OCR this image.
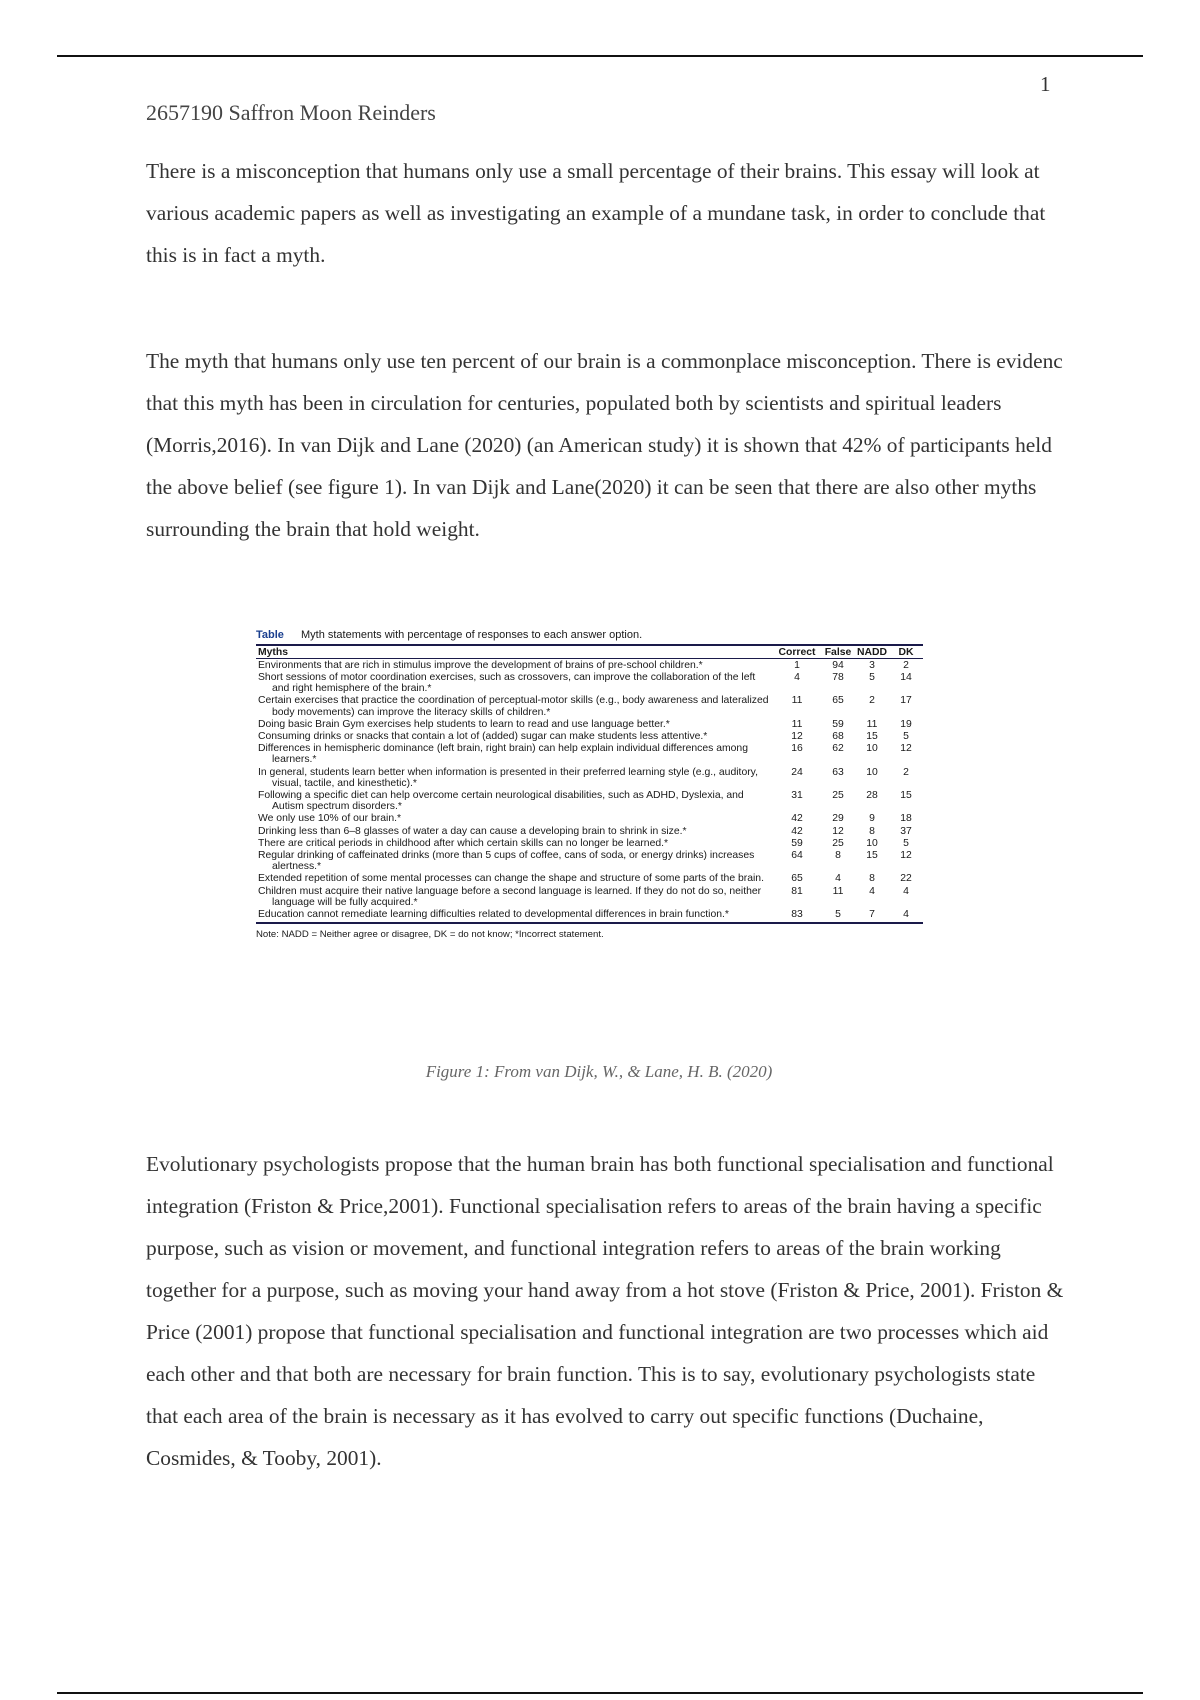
1
2657190 Saffron Moon Reinders

There is a misconception that humans only use a small percentage of their brains. This essay will look at various academic papers as well as investigating an example of a mundane task, in order to conclude that this is in fact a myth.

The myth that humans only use ten percent of our brain is a commonplace misconception. There is evidenc that this myth has been in circulation for centuries, populated both by scientists and spiritual leaders (Morris,2016). In van Dijk and Lane (2020) (an American study) it is shown that 42% of participants held the above belief (see figure 1). In van Dijk and Lane(2020) it can be seen that there are also other myths surrounding the brain that hold weight.

Table Myth statements with percentage of responses to each answer option.
Myths	Correct	False	NADD	DK
Environments that are rich in stimulus improve the development of brains of pre-school children.*	1	94	3	2
Short sessions of motor coordination exercises, such as crossovers, can improve the collaboration of the left and right hemisphere of the brain.*	4	78	5	14
Certain exercises that practice the coordination of perceptual-motor skills (e.g., body awareness and lateralized body movements) can improve the literacy skills of children.*	11	65	2	17
Doing basic Brain Gym exercises help students to learn to read and use language better.*	11	59	11	19
Consuming drinks or snacks that contain a lot of (added) sugar can make students less attentive.*	12	68	15	5
Differences in hemispheric dominance (left brain, right brain) can help explain individual differences among learners.*	16	62	10	12
In general, students learn better when information is presented in their preferred learning style (e.g., auditory, visual, tactile, and kinesthetic).*	24	63	10	2
Following a specific diet can help overcome certain neurological disabilities, such as ADHD, Dyslexia, and Autism spectrum disorders.*	31	25	28	15
We only use 10% of our brain.*	42	29	9	18
Drinking less than 6–8 glasses of water a day can cause a developing brain to shrink in size.*	42	12	8	37
There are critical periods in childhood after which certain skills can no longer be learned.*	59	25	10	5
Regular drinking of caffeinated drinks (more than 5 cups of coffee, cans of soda, or energy drinks) increases alertness.*	64	8	15	12
Extended repetition of some mental processes can change the shape and structure of some parts of the brain.	65	4	8	22
Children must acquire their native language before a second language is learned. If they do not do so, neither language will be fully acquired.*	81	11	4	4
Education cannot remediate learning difficulties related to developmental differences in brain function.*	83	5	7	4
Note: NADD = Neither agree or disagree, DK = do not know; *Incorrect statement.
Figure 1: From van Dijk, W., & Lane, H. B. (2020)

Evolutionary psychologists propose that the human brain has both functional specialisation and functional integration (Friston & Price,2001). Functional specialisation refers to areas of the brain having a specific purpose, such as vision or movement, and functional integration refers to areas of the brain working together for a purpose, such as moving your hand away from a hot stove (Friston & Price, 2001). Friston & Price (2001) propose that functional specialisation and functional integration are two processes which aid each other and that both are necessary for brain function. This is to say, evolutionary psychologists state that each area of the brain is necessary as it has evolved to carry out specific functions (Duchaine, Cosmides, & Tooby, 2001).
